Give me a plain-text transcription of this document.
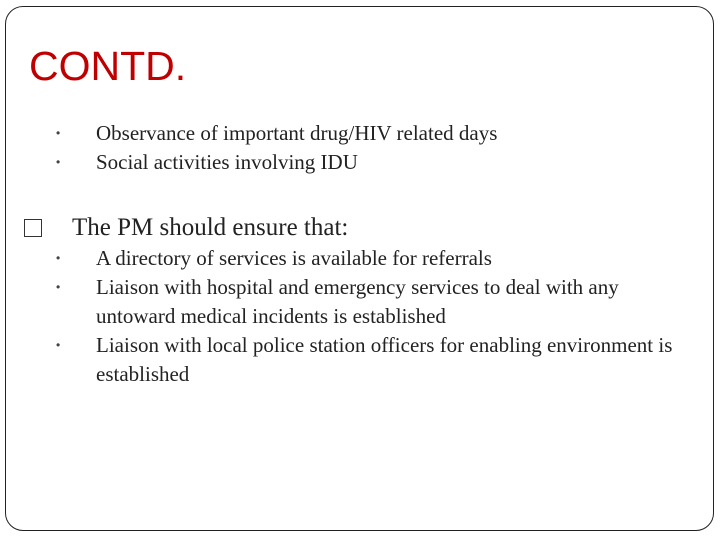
CONTD.
• Observance of important drug/HIV related days
• Social activities involving IDU
The PM should ensure that:
• A directory of services is available for referrals
• Liaison with hospital and emergency services to deal with any untoward medical incidents is established
• Liaison with local police station officers for enabling environment is established
